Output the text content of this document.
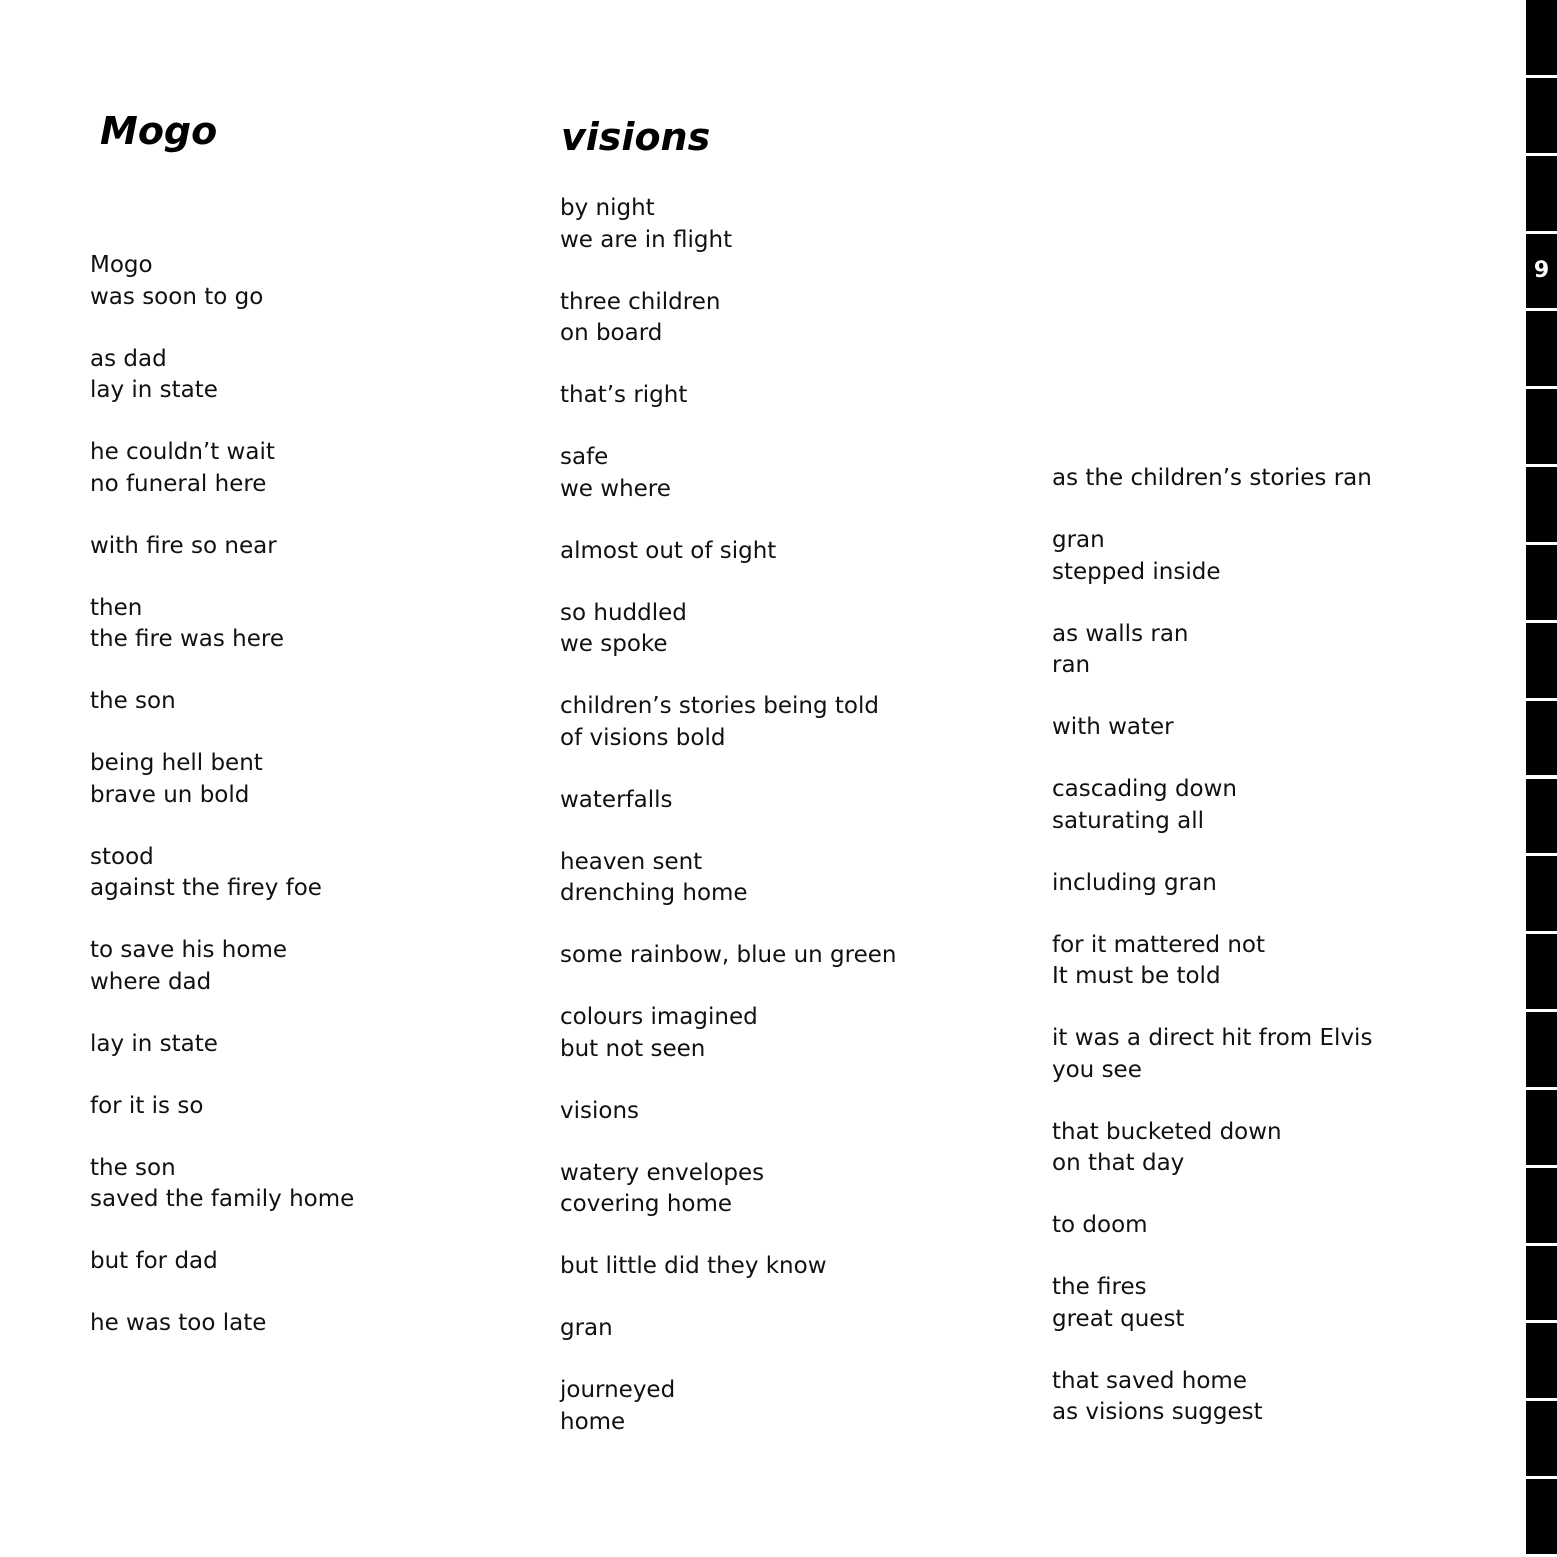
Mogo	visions
Mogo
was soon to go
as dad
lay in state
he couldn’t wait
no funeral here
with fire so near
then
the fire was here
the son
being hell bent
brave un bold
stood
against the firey foe
to save his home
where dad
lay in state
for it is so
the son
saved the family home
but for dad
he was too late
by night
we are in flight
three children
on board
that’s right
safe
we where
almost out of sight
so huddled
we spoke
children’s stories being told
of visions bold
waterfalls
heaven sent
drenching home
some rainbow, blue un green
colours imagined
but not seen
visions
watery envelopes
covering home
but little did they know
gran
journeyed
home
as the children’s stories ran
gran
stepped inside
as walls ran
ran
with water
cascading down
saturating all
including gran
for it mattered not
It must be told
it was a direct hit from Elvis
you see
that bucketed down
on that day
to doom
the fires
great quest
that saved home
as visions suggest
9
